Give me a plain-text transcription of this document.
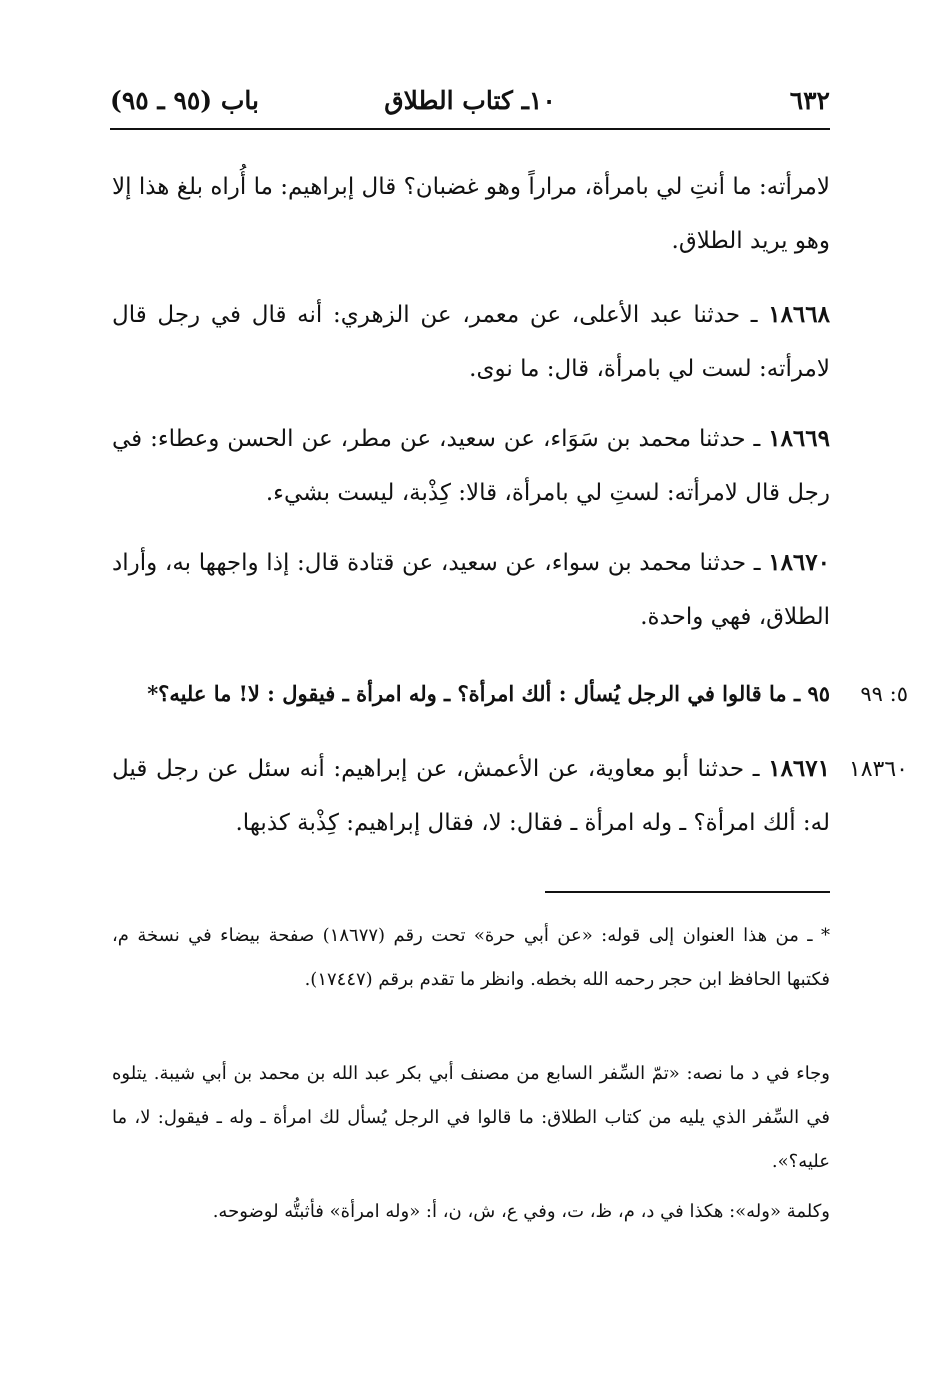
٦٣٢
١٠ـ كتاب الطلاق
باب (٩٥ ـ ٩٥)
لامرأته: ما أنتِ لي بامرأة، مراراً وهو غضبان؟ قال إبراهيم: ما أُراه بلغ هذا إلا وهو يريد الطلاق.

١٨٦٦٨ ـ حدثنا عبد الأعلى، عن معمر، عن الزهري: أنه قال في رجل قال لامرأته: لست لي بامرأة، قال: ما نوى.

١٨٦٦٩ ـ حدثنا محمد بن سَوَاء، عن سعيد، عن مطر، عن الحسن وعطاء: في رجل قال لامرأته: لستِ لي بامرأة، قالا: كِذْبة، ليست بشيء.

١٨٦٧٠ ـ حدثنا محمد بن سواء، عن سعيد، عن قتادة قال: إذا واجهها به، وأراد الطلاق، فهي واحدة.

٥: ٩٩
٩٥ ـ ما قالوا في الرجل يُسأل : ألك امرأة؟ ـ وله امرأة ـ فيقول : لا! ما عليه؟*
١٨٣٦٠

١٨٦٧١ ـ حدثنا أبو معاوية، عن الأعمش، عن إبراهيم: أنه سئل عن رجل قيل له: ألك امرأة؟ ـ وله امرأة ـ فقال: لا، فقال إبراهيم: كِذْبة كذبها.

* ـ من هذا العنوان إلى قوله: «عن أبي حرة» تحت رقم (١٨٦٧٧) صفحة بيضاء في نسخة م، فكتبها الحافظ ابن حجر رحمه الله بخطه. وانظر ما تقدم برقم (١٧٤٤٧).

وجاء في د ما نصه: «تمّ السِّفر السابع من مصنف أبي بكر عبد الله بن محمد بن أبي شيبة. يتلوه في السِّفر الذي يليه من كتاب الطلاق: ما قالوا في الرجل يُسأل لك امرأة ـ وله ـ فيقول: لا، ما عليه؟».

وكلمة «وله»: هكذا في د، م، ظ، ت، وفي ع، ش، ن، أ: «وله امرأة» فأثبتُّه لوضوحه.
